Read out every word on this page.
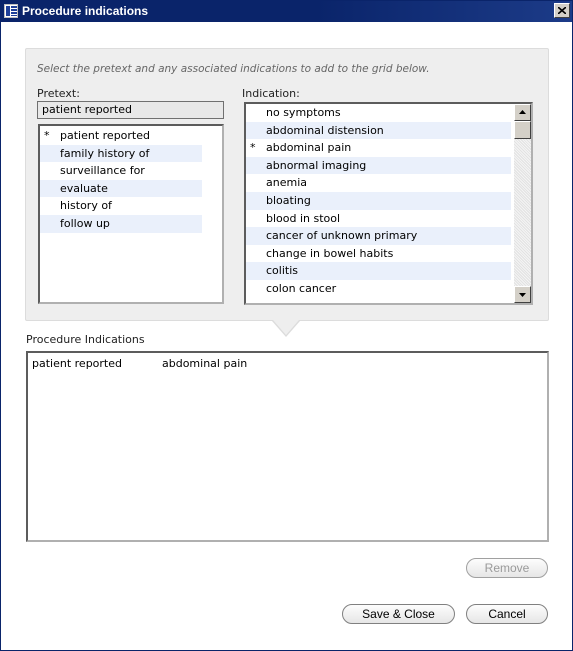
Procedure indications
Select the pretext and any associated indications to add to the grid below.
Pretext:	Indication:
patient reported
* patient reported
family history of
surveillance for
evaluate
history of
follow up
no symptoms
abdominal distension
* abdominal pain
abnormal imaging
anemia
bloating
blood in stool
cancer of unknown primary
change in bowel habits
colitis
colon cancer
Procedure Indications
patient reported	abdominal pain
Remove
Save & Close	Cancel
